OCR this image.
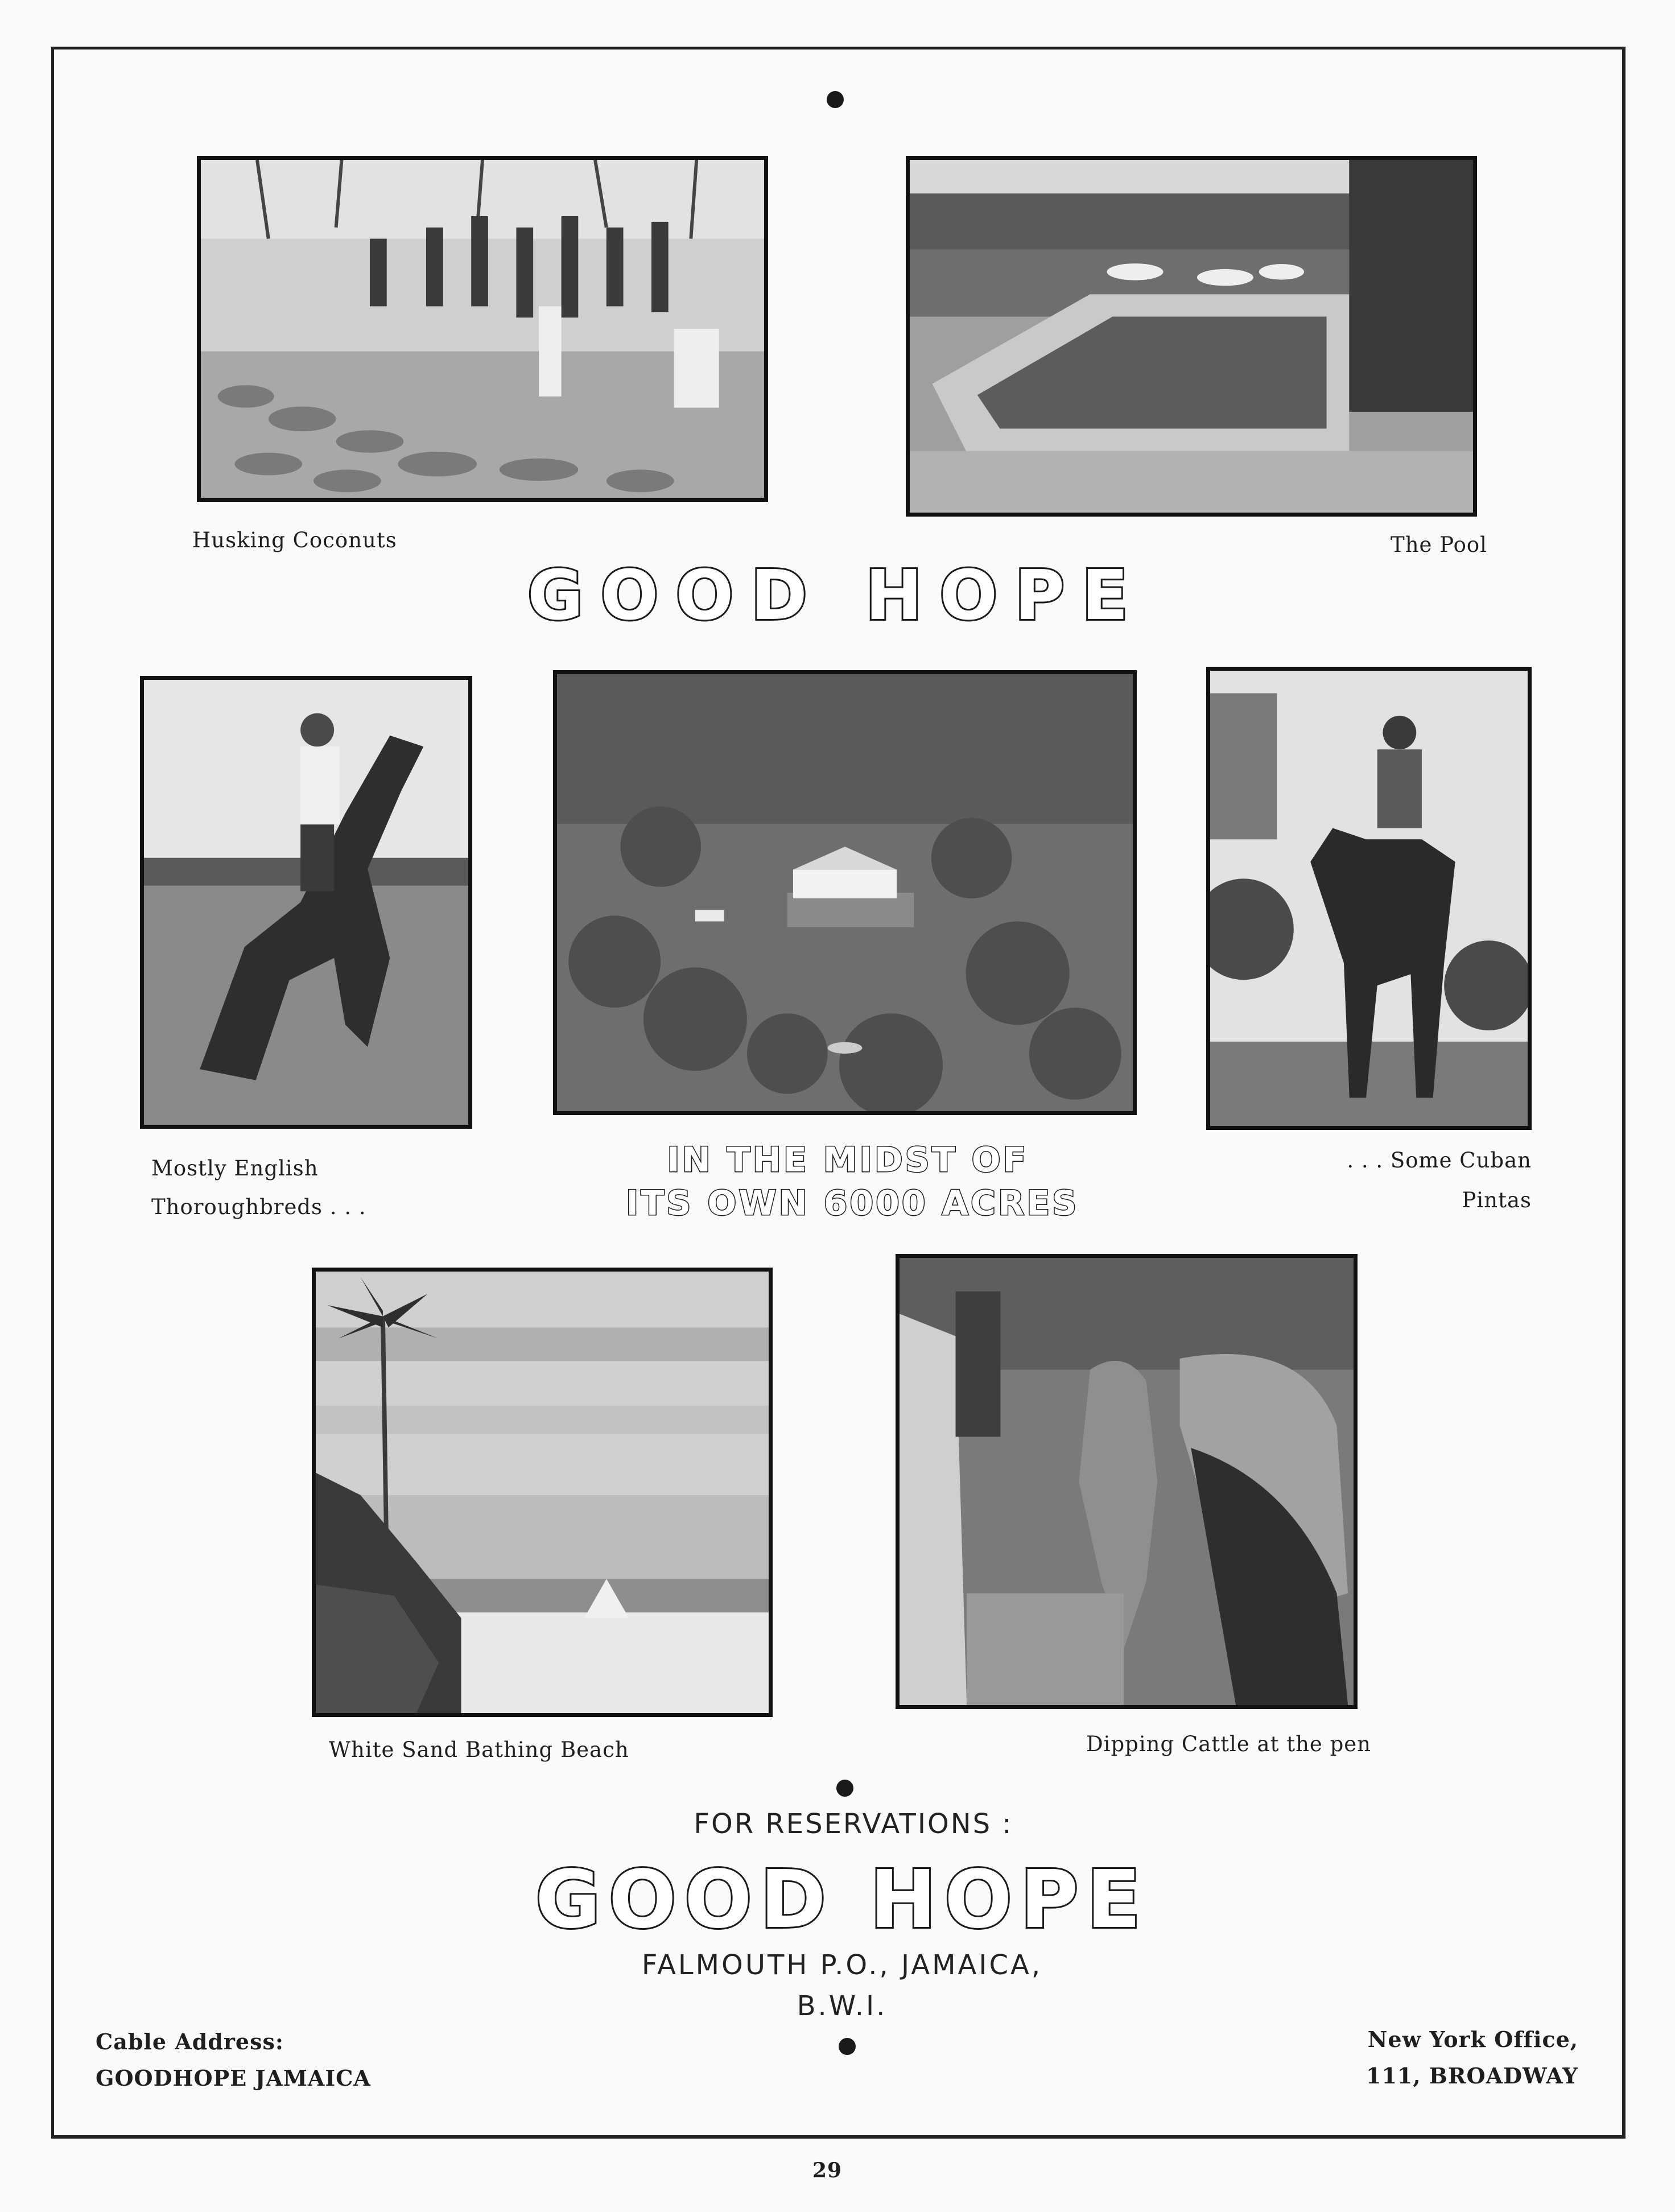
Husking Coconuts	The Pool
GOOD HOPE
Mostly English
Thoroughbreds . . .
IN THE MIDST OF
ITS OWN 6000 ACRES
. . . Some Cuban
Pintas
White Sand Bathing Beach	Dipping Cattle at the pen
FOR RESERVATIONS :
GOOD HOPE
FALMOUTH P.O., JAMAICA,
B.W.I.
Cable Address:
GOODHOPE JAMAICA
New York Office,
111, BROADWAY
29
